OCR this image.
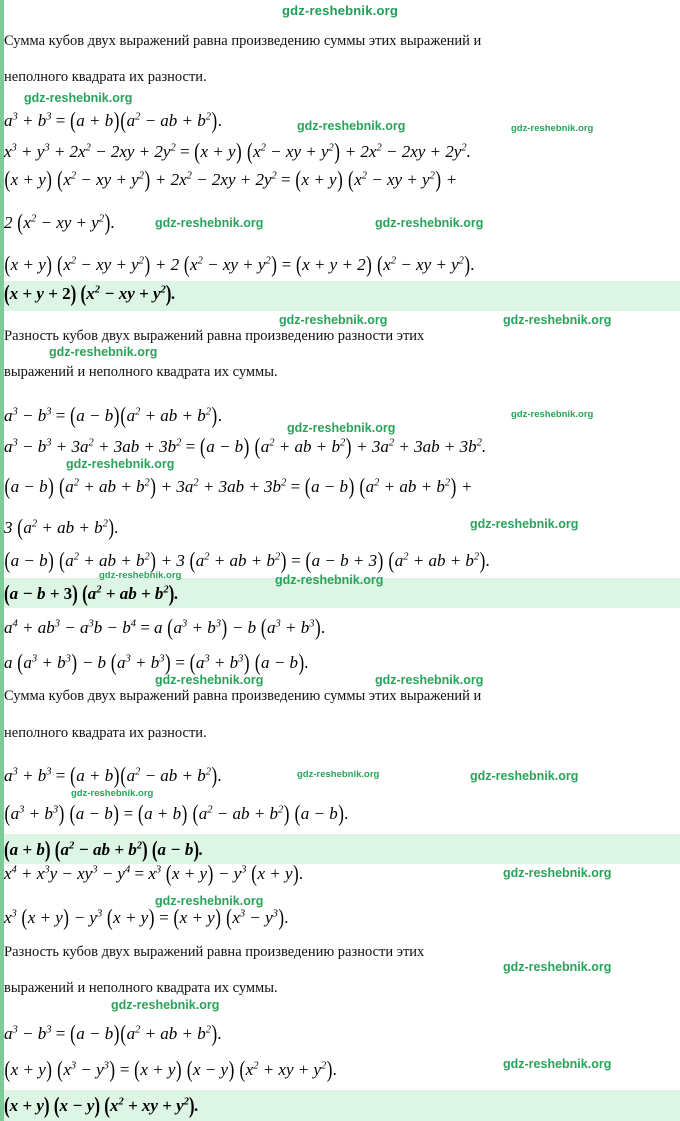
gdz-reshebnik.org
Сумма кубов двух выражений равна произведению суммы этих выражений и
неполного квадрата их разности.
Разность кубов двух выражений равна произведению разности этих
выражений и неполного квадрата их суммы.
Сумма кубов двух выражений равна произведению суммы этих выражений и
неполного квадрата их разности.
Разность кубов двух выражений равна произведению разности этих
выражений и неполного квадрата их суммы.
$a^3 + b^3 = (a + b)(a^2$ − ab + $b^2$).
$x^3 + y^3 + 2x^2 - 2xy + 2y^2 = (x + y) (x^2$ − xy + $y^2) + 2x^2 - 2xy + 2y^2$.
(x + y) ($x^2$ − xy + $y^2) + 2x^2 - 2xy + 2y^2 = (x + y)$ ($x^2$ − xy + $y^2$) +
2 ($x^2$ − xy + $y^2$).
(x + y) ($x^2$ − xy + $y^2) + 2$ ($x^2$ − xy + $y^2) = (x + y + 2)$ ($x^2$ − xy + $y^2$).
$a^3 - b^3 = (a - b)(a^2$ + ab + $b^2$).
$a^3 - b^3 + 3a^2 + 3ab + 3b^2 = (a - b) (a^2$ + ab + $b^2) + 3a^2 + 3ab + 3b^2$.
(a − b) ($a^2$ + ab + $b^2) + 3a^2 + 3ab + 3b^2 = (a - b)$ ($a^2$ + ab + $b^2$) +
3 ($a^2$ + ab + $b^2$).
(a − b) ($a^2$ + ab + $b^2) + 3$ ($a^2$ + ab + $b^2) = (a - b + 3)$ ($a^2$ + ab + $b^2$).
$a^4 + ab^3 - a^3b - b^4 = a$ $(a^3 + b^3) - b$ $(a^3 + b^3)$.
a $(a^3 + b^3) - b$ $(a^3 + b^3) = (a^3 + b^3) (a - b)$.
$a^3 + b^3 = (a + b)(a^2$ − ab + $b^2$).
$(a^3 + b^3) (a - b) = (a + b) (a^2$ − ab + $b^2$) (a − b).
$x^4 + x^3y - xy^3 - y^4 = x^3$ $(x + y) - y^3$ (x + y).
$x^3$ $(x + y) - y^3$ (x + y) = (x + y) $(x^3 - y^3)$.
$a^3 - b^3 = (a - b)(a^2$ + ab + $b^2$).
(x + y) $(x^3 - y^3) = (x + y) (x - y) (x^2$ + xy + $y^2$).
(x + y + 2) ($x^2$ − xy + $y^2$).
(a − b + 3) ($a^2$ + ab + $b^2$).
(a + b) ($a^2$ − ab + $b^2$) (a − b).
(x + y) (x − y) ($x^2$ + xy + $y^2$).
gdz-reshebnik.org
gdz-reshebnik.org	gdz-reshebnik.org
gdz-reshebnik.org	gdz-reshebnik.org
gdz-reshebnik.org	gdz-reshebnik.org
gdz-reshebnik.org
gdz-reshebnik.org
gdz-reshebnik.org
gdz-reshebnik.org
gdz-reshebnik.org
gdz-reshebnik.org	gdz-reshebnik.org
gdz-reshebnik.org	gdz-reshebnik.org
gdz-reshebnik.org	gdz-reshebnik.org
gdz-reshebnik.org
gdz-reshebnik.org
gdz-reshebnik.org
gdz-reshebnik.org
gdz-reshebnik.org
gdz-reshebnik.org
